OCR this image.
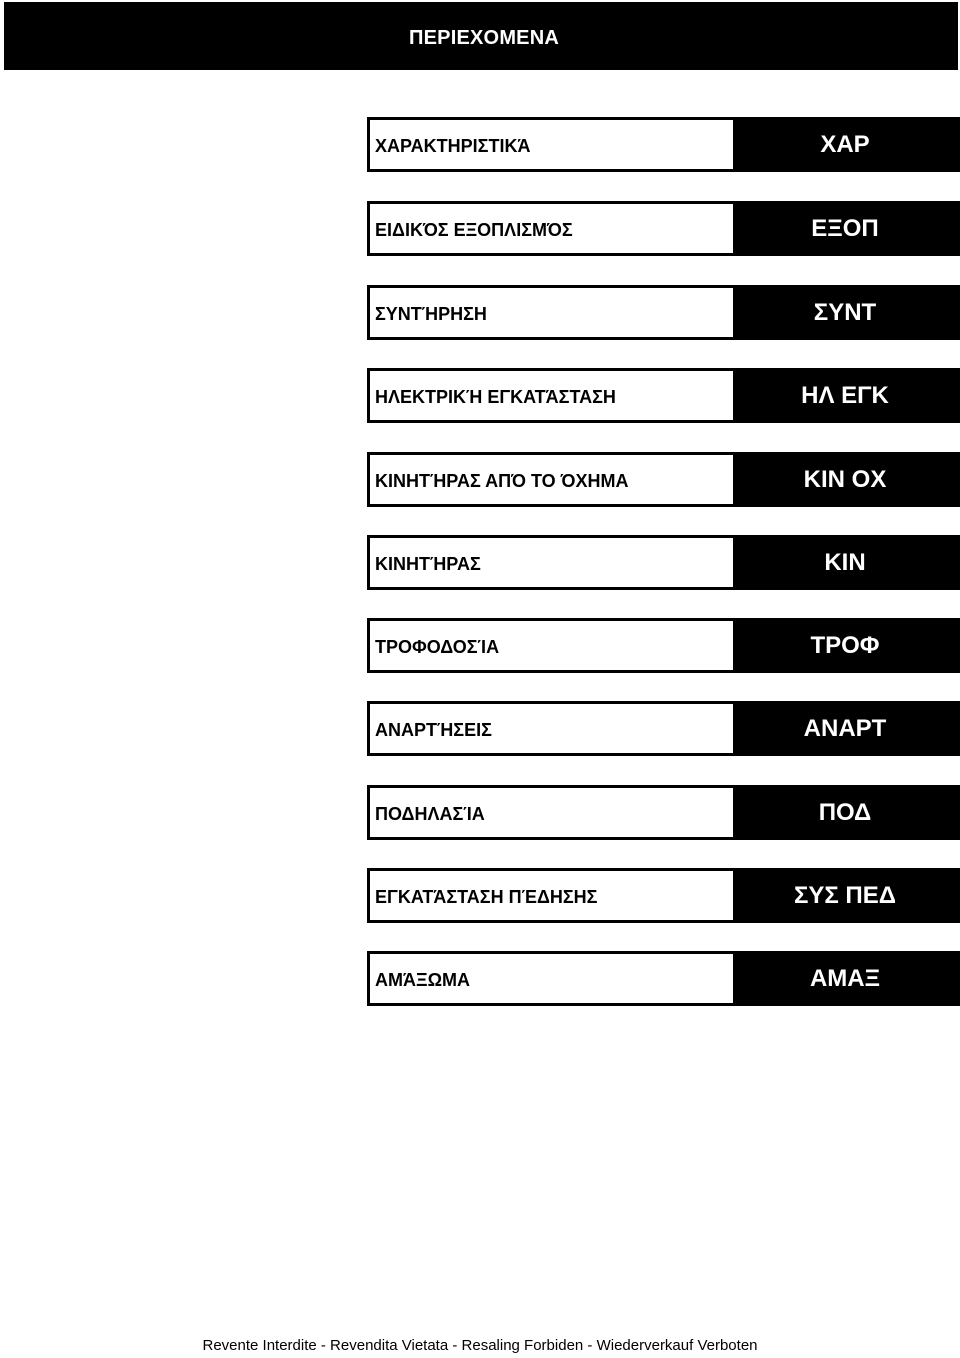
ΠΕΡΙΕΧΟΜΕΝΑ
ΧΑΡΑΚΤΗΡΙΣΤΙΚΆ	ΧΑΡ
ΕΙΔΙΚΌΣ ΕΞΟΠΛΙΣΜΌΣ	ΕΞΟΠ
ΣΥΝΤΉΡΗΣΗ	ΣΥΝΤ
ΗΛΕΚΤΡΙΚΉ ΕΓΚΑΤΆΣΤΑΣΗ	ΗΛ ΕΓΚ
ΚΙΝΗΤΉΡΑΣ ΑΠΌ ΤΟ ΌΧΗΜΑ	ΚΙΝ ΟΧ
ΚΙΝΗΤΉΡΑΣ	ΚΙΝ
ΤΡΟΦΟΔΟΣΊΑ	ΤΡΟΦ
ΑΝΑΡΤΉΣΕΙΣ	ΑΝΑΡΤ
ΠΟΔΗΛΑΣΊΑ	ΠΟΔ
ΕΓΚΑΤΆΣΤΑΣΗ ΠΈΔΗΣΗΣ	ΣΥΣ ΠΕΔ
ΑΜΆΞΩΜΑ	ΑΜΑΞ
Revente Interdite - Revendita Vietata - Resaling Forbiden - Wiederverkauf Verboten
